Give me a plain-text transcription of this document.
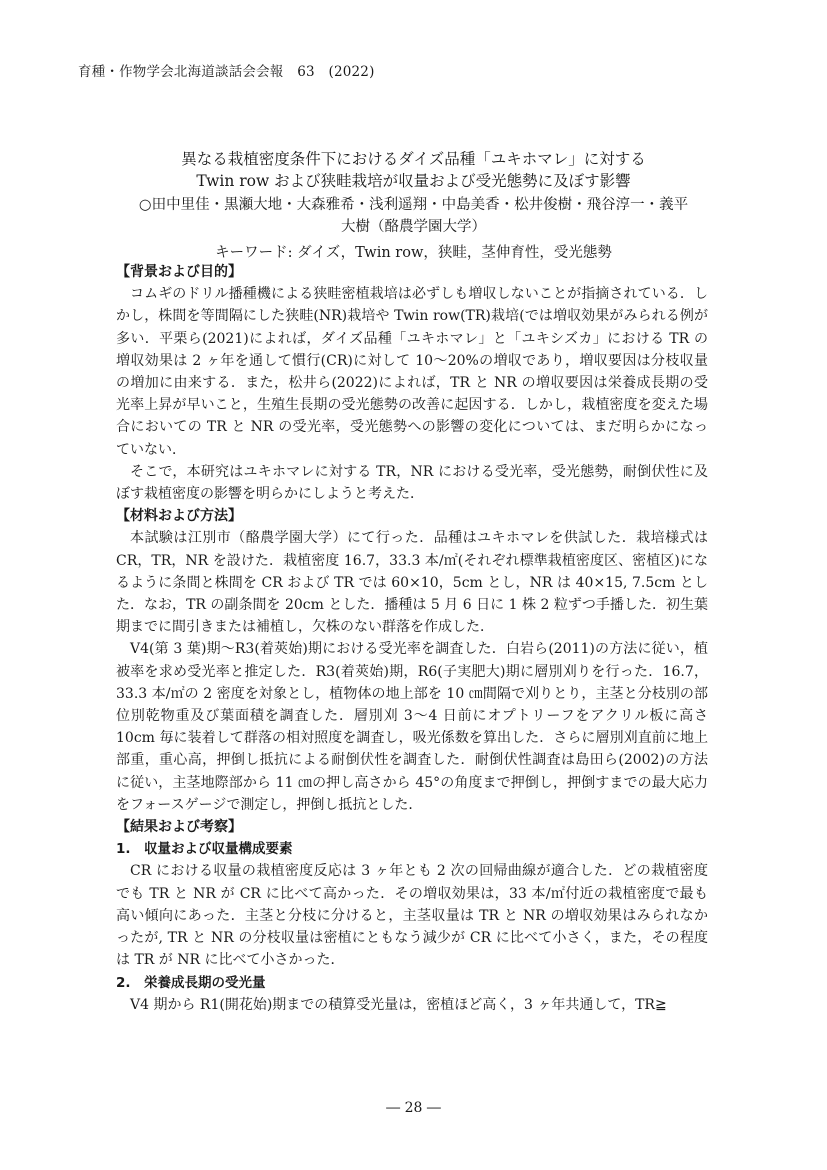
育種・作物学会北海道談話会会報　63　(2022)

異なる栽植密度条件下におけるダイズ品種「ユキホマレ」に対する

Twin row および狭畦栽培が収量および受光態勢に及ぼす影響

○田中里佳・黒瀬大地・大森雅希・浅利遥翔・中島美香・松井俊樹・飛谷淳一・義平

大樹（酪農学園大学）

キーワード: ダイズ，Twin row，狭畦，茎伸育性，受光態勢

【背景および目的】

コムギのドリル播種機による狭畦密植栽培は必ずしも増収しないことが指摘されている．しかし，株間を等間隔にした狭畦(NR)栽培や Twin row(TR)栽培(では増収効果がみられる例が多い．平栗ら(2021)によれば，ダイズ品種「ユキホマレ」と「ユキシズカ」における TR の増収効果は 2 ヶ年を通して慣行(CR)に対して 10〜20%の増収であり，増収要因は分枝収量の増加に由来する．また，松井ら(2022)によれば，TR と NR の増収要因は栄養成長期の受光率上昇が早いこと，生殖生長期の受光態勢の改善に起因する．しかし，栽植密度を変えた場合においての TR と NR の受光率，受光態勢への影響の変化については、まだ明らかになっていない．

そこで，本研究はユキホマレに対する TR，NR における受光率，受光態勢，耐倒伏性に及ぼす栽植密度の影響を明らかにしようと考えた．

【材料および方法】

本試験は江別市（酪農学園大学）にて行った．品種はユキホマレを供試した．栽培様式は CR，TR，NR を設けた．栽植密度 16.7，33.3 本/㎡(それぞれ標準栽植密度区、密植区)になるように条間と株間を CR および TR では 60×10，5cm とし，NR は 40×15, 7.5cm とした．なお，TR の副条間を 20cm とした．播種は 5 月 6 日に 1 株 2 粒ずつ手播した．初生葉期までに間引きまたは補植し，欠株のない群落を作成した．

V4(第 3 葉)期〜R3(着莢始)期における受光率を調査した．白岩ら(2011)の方法に従い，植被率を求め受光率と推定した．R3(着莢始)期，R6(子実肥大)期に層別刈りを行った．16.7，33.3 本/㎡の 2 密度を対象とし，植物体の地上部を 10 ㎝間隔で刈りとり，主茎と分枝別の部位別乾物重及び葉面積を調査した．層別刈 3〜4 日前にオプトリーフをアクリル板に高さ 10cm 毎に装着して群落の相対照度を調査し，吸光係数を算出した．さらに層別刈直前に地上部重，重心高，押倒し抵抗による耐倒伏性を調査した．耐倒伏性調査は島田ら(2002)の方法に従い，主茎地際部から 11 ㎝の押し高さから 45°の角度まで押倒し，押倒すまでの最大応力をフォースゲージで測定し，押倒し抵抗とした．

【結果および考察】
1.　収量および収量構成要素

CR における収量の栽植密度反応は 3 ヶ年とも 2 次の回帰曲線が適合した．どの栽植密度でも TR と NR が CR に比べて高かった．その増収効果は，33 本/㎡付近の栽植密度で最も高い傾向にあった．主茎と分枝に分けると，主茎収量は TR と NR の増収効果はみられなかったが, TR と NR の分枝収量は密植にともなう減少が CR に比べて小さく，また，その程度は TR が NR に比べて小さかった．

2.　栄養成長期の受光量

V4 期から R1(開花始)期までの積算受光量は，密植ほど高く，3 ヶ年共通して，TR≧

― 28 ―
